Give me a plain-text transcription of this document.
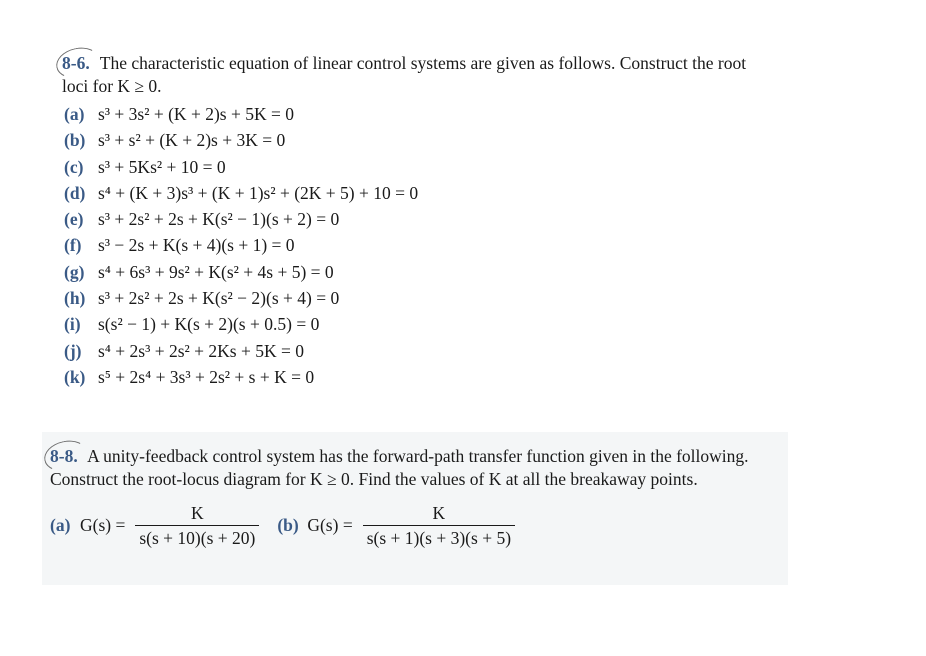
8-6. The characteristic equation of linear control systems are given as follows. Construct the root loci for K ≥ 0.

(a) s³ + 3s² + (K + 2)s + 5K = 0
(b) s³ + s² + (K + 2)s + 3K = 0
(c) s³ + 5Ks² + 10 = 0
(d) s⁴ + (K + 3)s³ + (K + 1)s² + (2K + 5) + 10 = 0
(e) s³ + 2s² + 2s + K(s² − 1)(s + 2) = 0
(f) s³ − 2s + K(s + 4)(s + 1) = 0
(g) s⁴ + 6s³ + 9s² + K(s² + 4s + 5) = 0
(h) s³ + 2s² + 2s + K(s² − 2)(s + 4) = 0
(i) s(s² − 1) + K(s + 2)(s + 0.5) = 0
(j) s⁴ + 2s³ + 2s² + 2Ks + 5K = 0
(k) s⁵ + 2s⁴ + 3s³ + 2s² + s + K = 0

8-8. A unity-feedback control system has the forward-path transfer function given in the following. Construct the root-locus diagram for K ≥ 0. Find the values of K at all the breakaway points.

(a) $G(s) = \frac{K}{s(s + 10)(s + 20)} (b) G(s) = \frac{K}{s(s + 1)(s + 3)(s + 5)}$
